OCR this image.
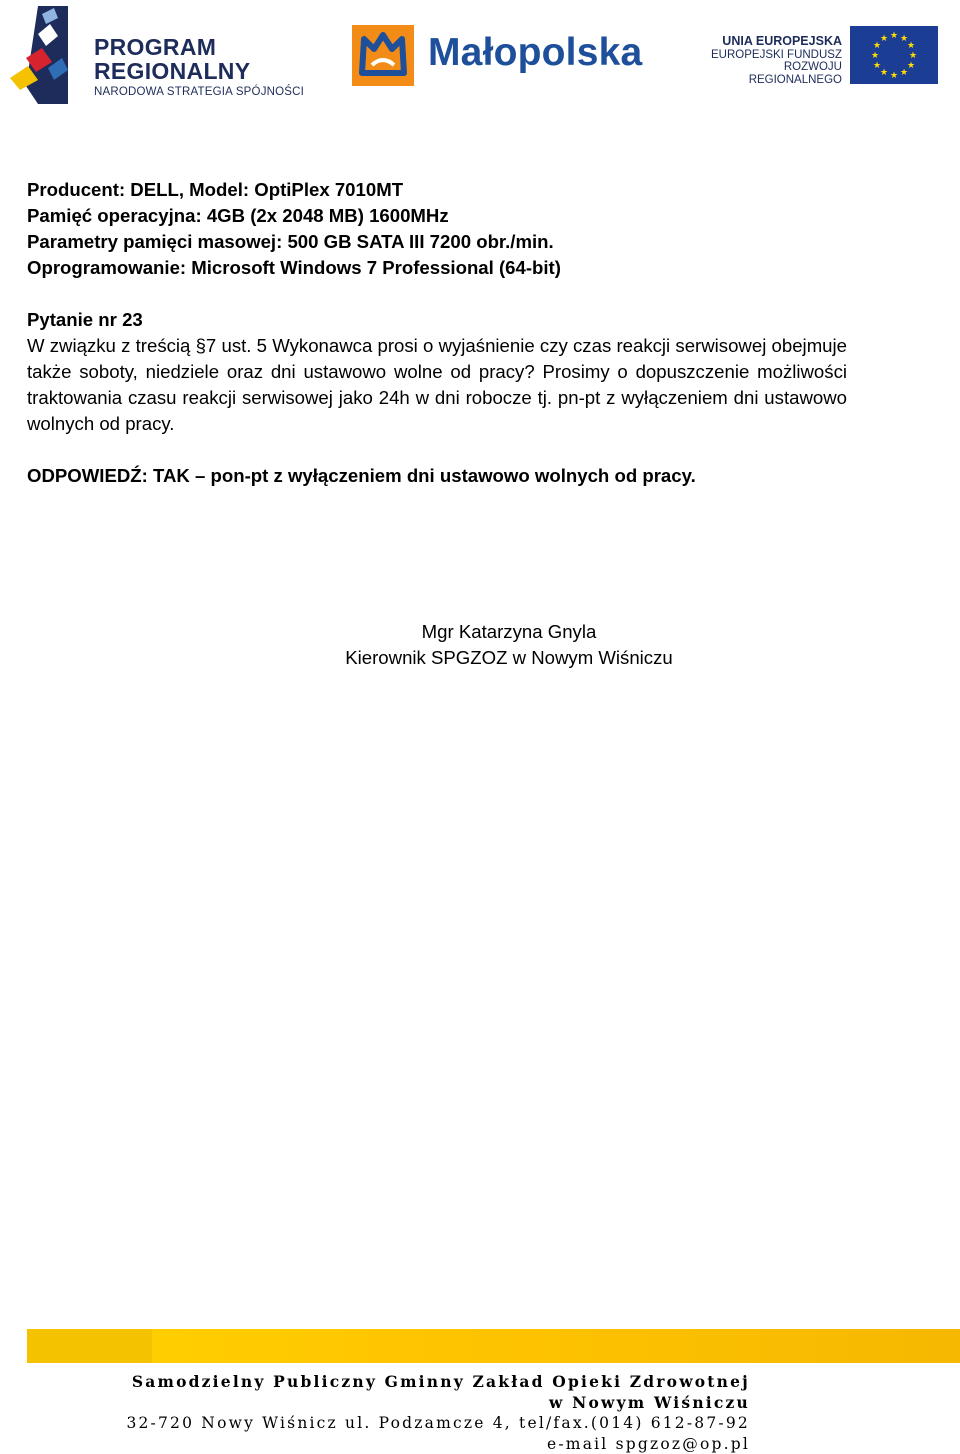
PROGRAM
REGIONALNY
NARODOWA STRATEGIA SPÓJNOŚCI
Małopolska	UNIA EUROPEJSKA
EUROPEJSKI FUNDUSZ
ROZWOJU REGIONALNEGO
★ ★
★
★
★
★
★
★
★
★
★
★

Producent: DELL, Model: OptiPlex 7010MT

Pamięć operacyjna: 4GB (2x 2048 MB) 1600MHz

Parametry pamięci masowej: 500 GB SATA III 7200 obr./min.

Oprogramowanie: Microsoft Windows 7 Professional (64-bit)

Pytanie nr 23

W związku z treścią §7 ust. 5 Wykonawca prosi o wyjaśnienie czy czas reakcji serwisowej obejmuje także soboty, niedziele oraz dni ustawowo wolne od pracy? Prosimy o dopuszczenie możliwości traktowania czasu reakcji serwisowej jako 24h w dni robocze tj. pn-pt z wyłączeniem dni ustawowo wolnych od pracy.

ODPOWIEDŹ: TAK – pon-pt z wyłączeniem dni ustawowo wolnych od pracy.

Mgr Katarzyna Gnyla
Kierownik SPGZOZ w Nowym Wiśniczu
Samodzielny Publiczny Gminny Zakład Opieki Zdrowotnej
w Nowym Wiśniczu
32-720 Nowy Wiśnicz ul. Podzamcze 4, tel/fax.(014) 612-87-92
e-mail spgzoz@op.pl
